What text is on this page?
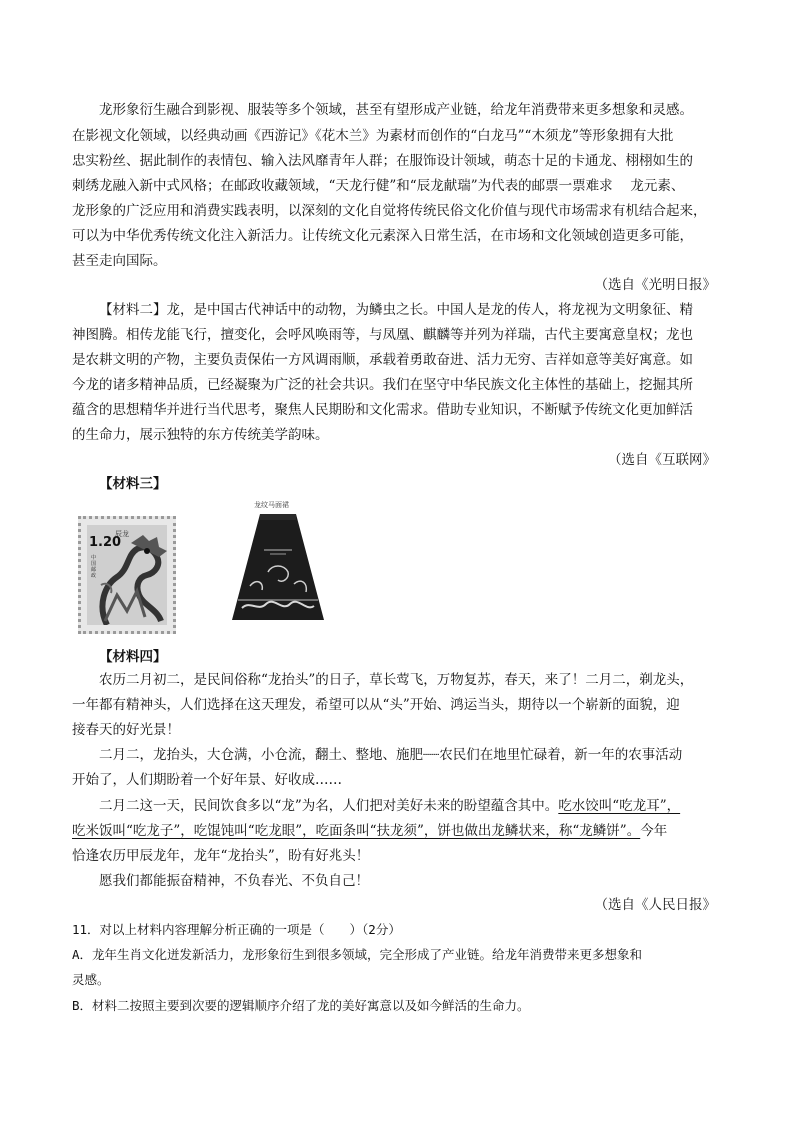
龙形象衍生融合到影视、服装等多个领域，甚至有望形成产业链，给龙年消费带来更多想象和灵感。
在影视文化领域，以经典动画《西游记》《花木兰》为素材而创作的“白龙马”“木须龙”等形象拥有大批
忠实粉丝、据此制作的表情包、输入法风靡青年人群；在服饰设计领域，萌态十足的卡通龙、栩栩如生的
刺绣龙融入新中式风格；在邮政收藏领域，“天龙行健”和“辰龙献瑞”为代表的邮票一票难求 　龙元素、
龙形象的广泛应用和消费实践表明，以深刻的文化自觉将传统民俗文化价值与现代市场需求有机结合起来，
可以为中华优秀传统文化注入新活力。让传统文化元素深入日常生活，在市场和文化领域创造更多可能，
甚至走向国际。
（选自《光明日报》
【材料二】龙，是中国古代神话中的动物，为鳞虫之长。中国人是龙的传人，将龙视为文明象征、精
神图腾。相传龙能飞行，擅变化，会呼风唤雨等，与凤凰、麒麟等并列为祥瑞，古代主要寓意皇权；龙也
是农耕文明的产物，主要负责保佑一方风调雨顺，承载着勇敢奋进、活力无穷、吉祥如意等美好寓意。如
今龙的诸多精神品质，已经凝聚为广泛的社会共识。我们在坚守中华民族文化主体性的基础上，挖掘其所
蕴含的思想精华并进行当代思考，聚焦人民期盼和文化需求。借助专业知识，不断赋予传统文化更加鲜活
的生命力，展示独特的东方传统美学韵味。
（选自《互联网》
【材料三】
辰龙
1.20
中国邮政
龙纹马面裙
【材料四】
农历二月初二，是民间俗称“龙抬头”的日子，草长莺飞，万物复苏，春天，来了！二月二，剃龙头，
一年都有精神头，人们选择在这天理发，希望可以从“头”开始、鸿运当头，期待以一个崭新的面貌，迎
接春天的好光景！
二月二，龙抬头，大仓满，小仓流，翻土、整地、施肥┈┈农民们在地里忙碌着，新一年的农事活动
开始了，人们期盼着一个好年景、好收成……
二月二这一天，民间饮食多以“龙”为名，人们把对美好未来的盼望蕴含其中。吃水饺叫“吃龙耳”，
吃米饭叫“吃龙子”，吃馄饨叫“吃龙眼”，吃面条叫“扶龙须”，饼也做出龙鳞状来，称“龙鳞饼”。今年
恰逢农历甲辰龙年，龙年“龙抬头”，盼有好兆头！
愿我们都能振奋精神，不负春光、不负自己！
（选自《人民日报》
11．对以上材料内容理解分析正确的一项是（　　）（2分）
A．龙年生肖文化迸发新活力，龙形象衍生到很多领域，完全形成了产业链。给龙年消费带来更多想象和
灵感。
B．材料二按照主要到次要的逻辑顺序介绍了龙的美好寓意以及如今鲜活的生命力。
